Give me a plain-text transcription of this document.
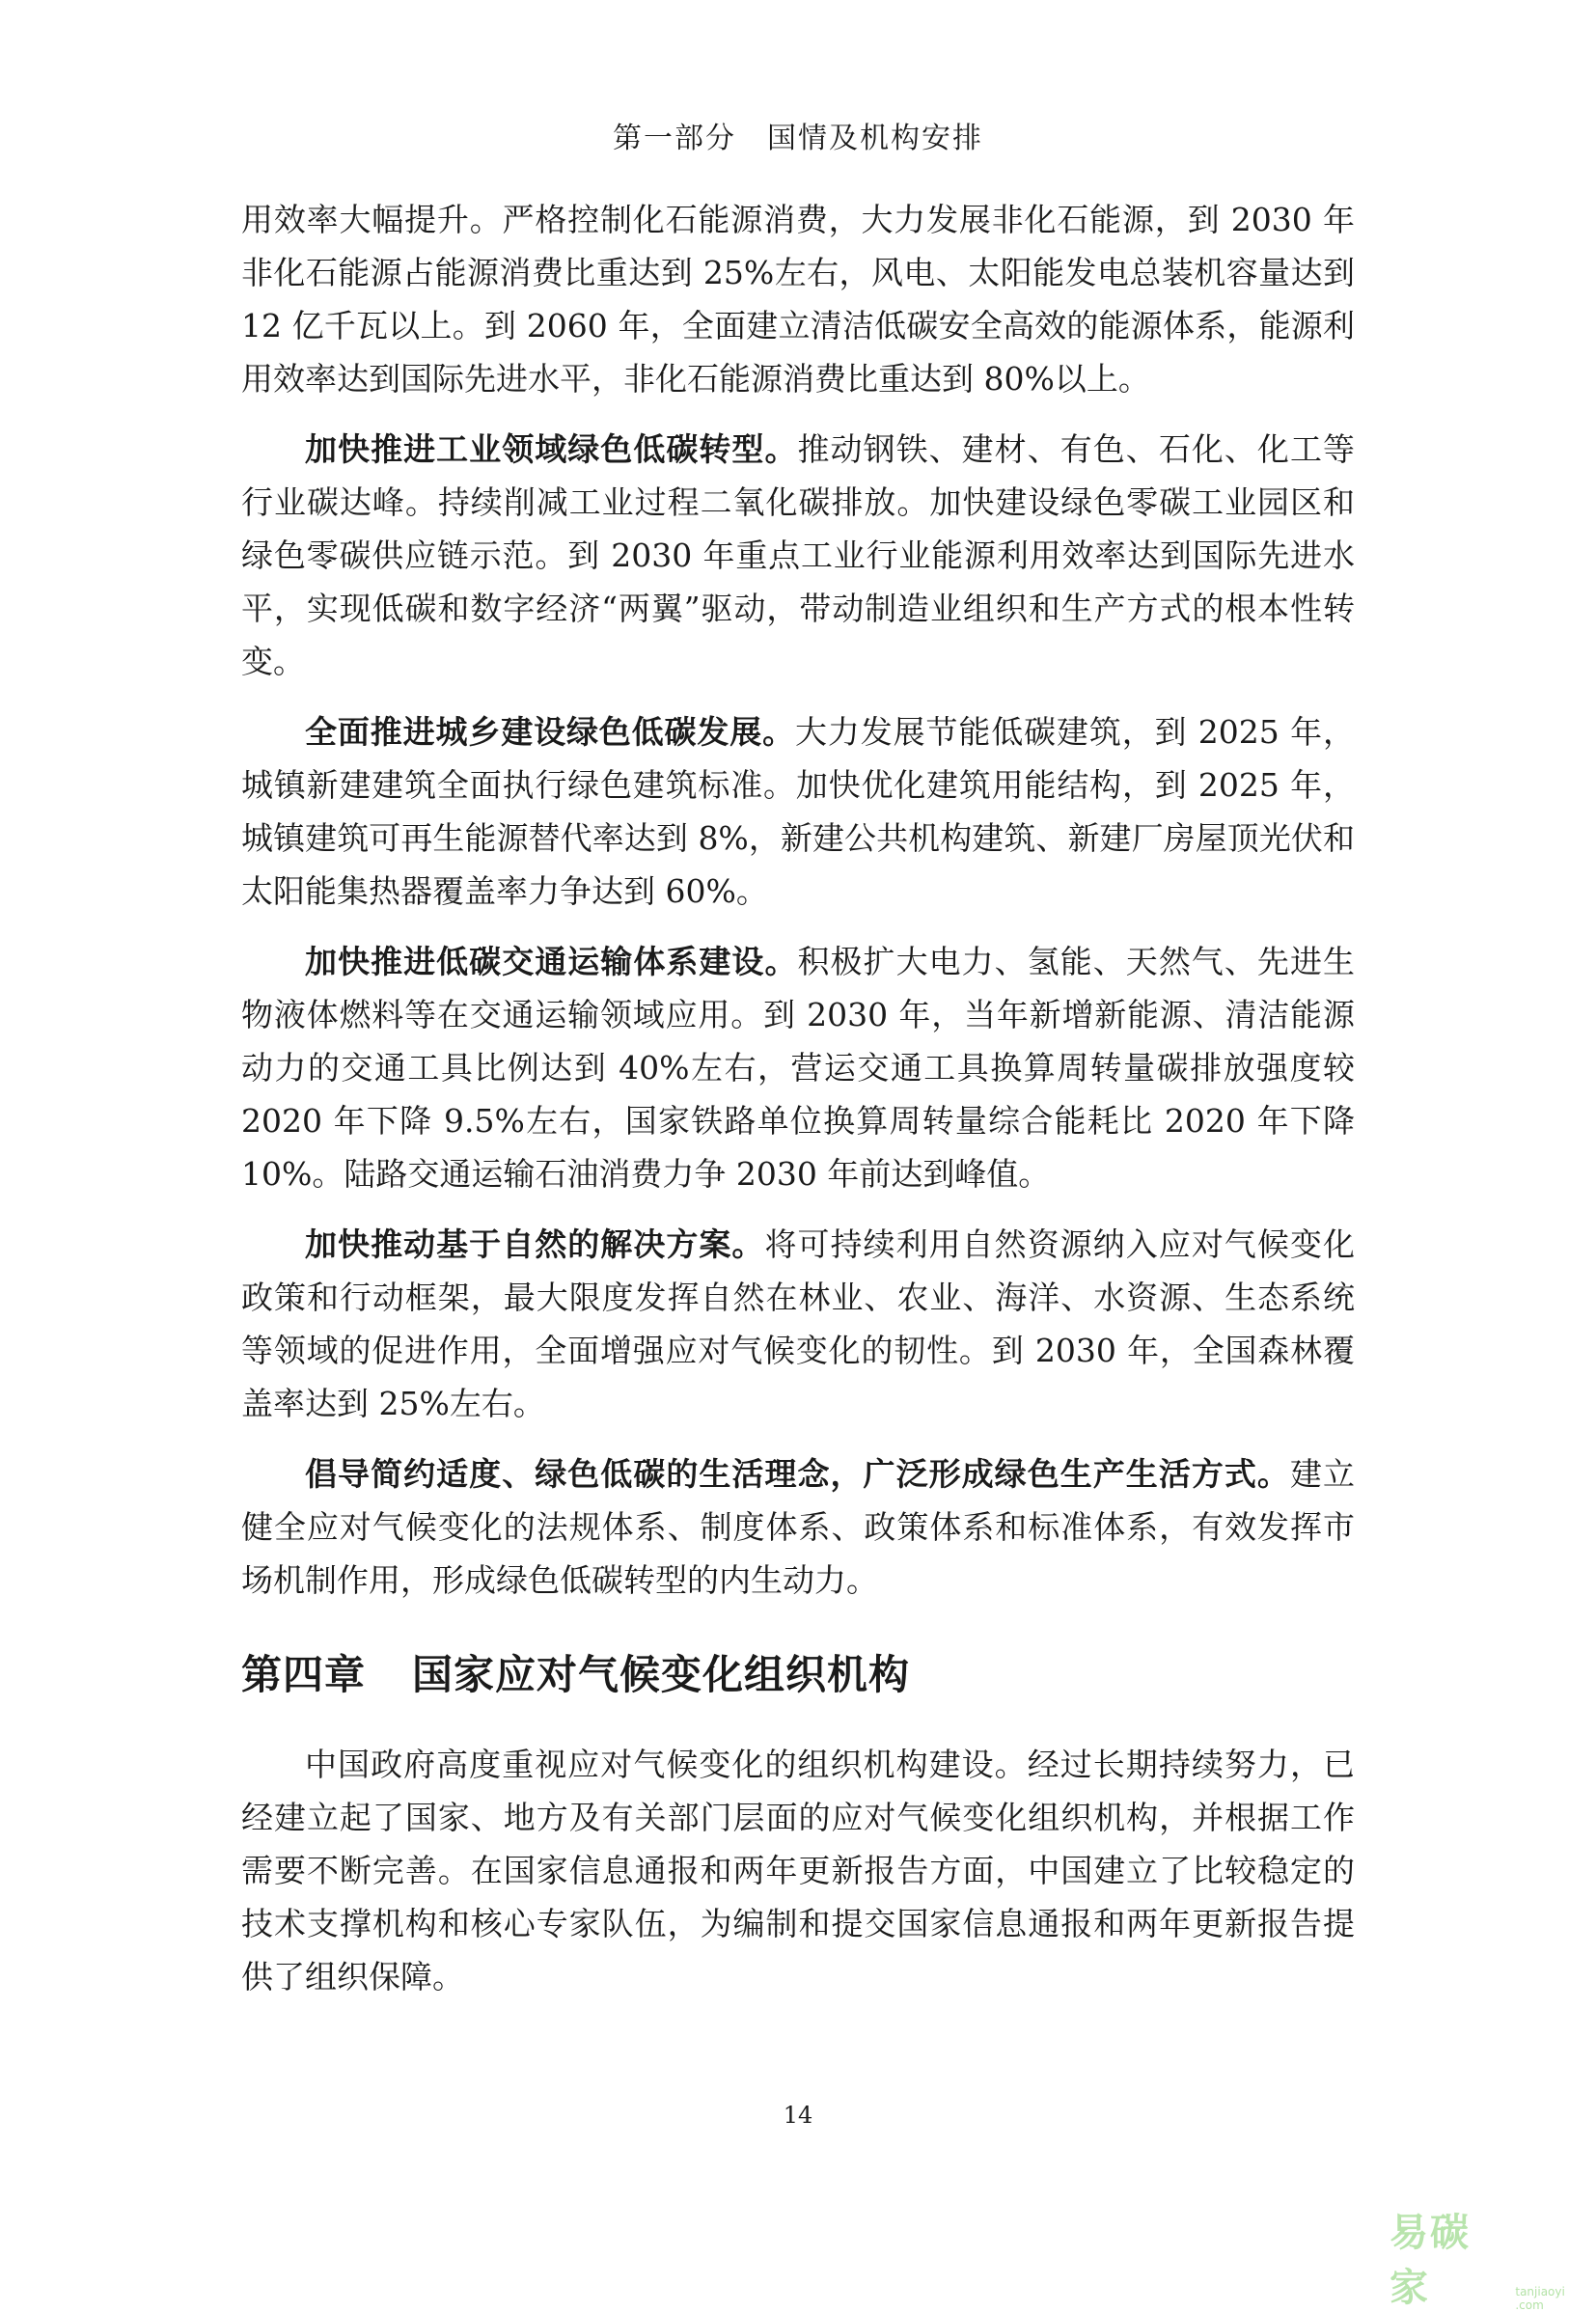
第一部分　国情及机构安排

用效率大幅提升。严格控制化石能源消费，大力发展非化石能源，到 2030 年非化石能源占能源消费比重达到 25%左右，风电、太阳能发电总装机容量达到 12 亿千瓦以上。到 2060 年，全面建立清洁低碳安全高效的能源体系，能源利用效率达到国际先进水平，非化石能源消费比重达到 80%以上。

加快推进工业领域绿色低碳转型。推动钢铁、建材、有色、石化、化工等行业碳达峰。持续削减工业过程二氧化碳排放。加快建设绿色零碳工业园区和绿色零碳供应链示范。到 2030 年重点工业行业能源利用效率达到国际先进水平，实现低碳和数字经济“两翼”驱动，带动制造业组织和生产方式的根本性转变。

全面推进城乡建设绿色低碳发展。大力发展节能低碳建筑，到 2025 年，城镇新建建筑全面执行绿色建筑标准。加快优化建筑用能结构，到 2025 年，城镇建筑可再生能源替代率达到 8%，新建公共机构建筑、新建厂房屋顶光伏和太阳能集热器覆盖率力争达到 60%。

加快推进低碳交通运输体系建设。积极扩大电力、氢能、天然气、先进生物液体燃料等在交通运输领域应用。到 2030 年，当年新增新能源、清洁能源动力的交通工具比例达到 40%左右，营运交通工具换算周转量碳排放强度较 2020 年下降 9.5%左右，国家铁路单位换算周转量综合能耗比 2020 年下降 10%。陆路交通运输石油消费力争 2030 年前达到峰值。

加快推动基于自然的解决方案。将可持续利用自然资源纳入应对气候变化政策和行动框架，最大限度发挥自然在林业、农业、海洋、水资源、生态系统等领域的促进作用，全面增强应对气候变化的韧性。到 2030 年，全国森林覆盖率达到 25%左右。

倡导简约适度、绿色低碳的生活理念，广泛形成绿色生产生活方式。建立健全应对气候变化的法规体系、制度体系、政策体系和标准体系，有效发挥市场机制作用，形成绿色低碳转型的内生动力。

第四章 国家应对气候变化组织机构

中国政府高度重视应对气候变化的组织机构建设。经过长期持续努力，已经建立起了国家、地方及有关部门层面的应对气候变化组织机构，并根据工作需要不断完善。在国家信息通报和两年更新报告方面，中国建立了比较稳定的技术支撑机构和核心专家队伍，为编制和提交国家信息通报和两年更新报告提供了组织保障。

14
易碳家	tanjiaoyi .com
